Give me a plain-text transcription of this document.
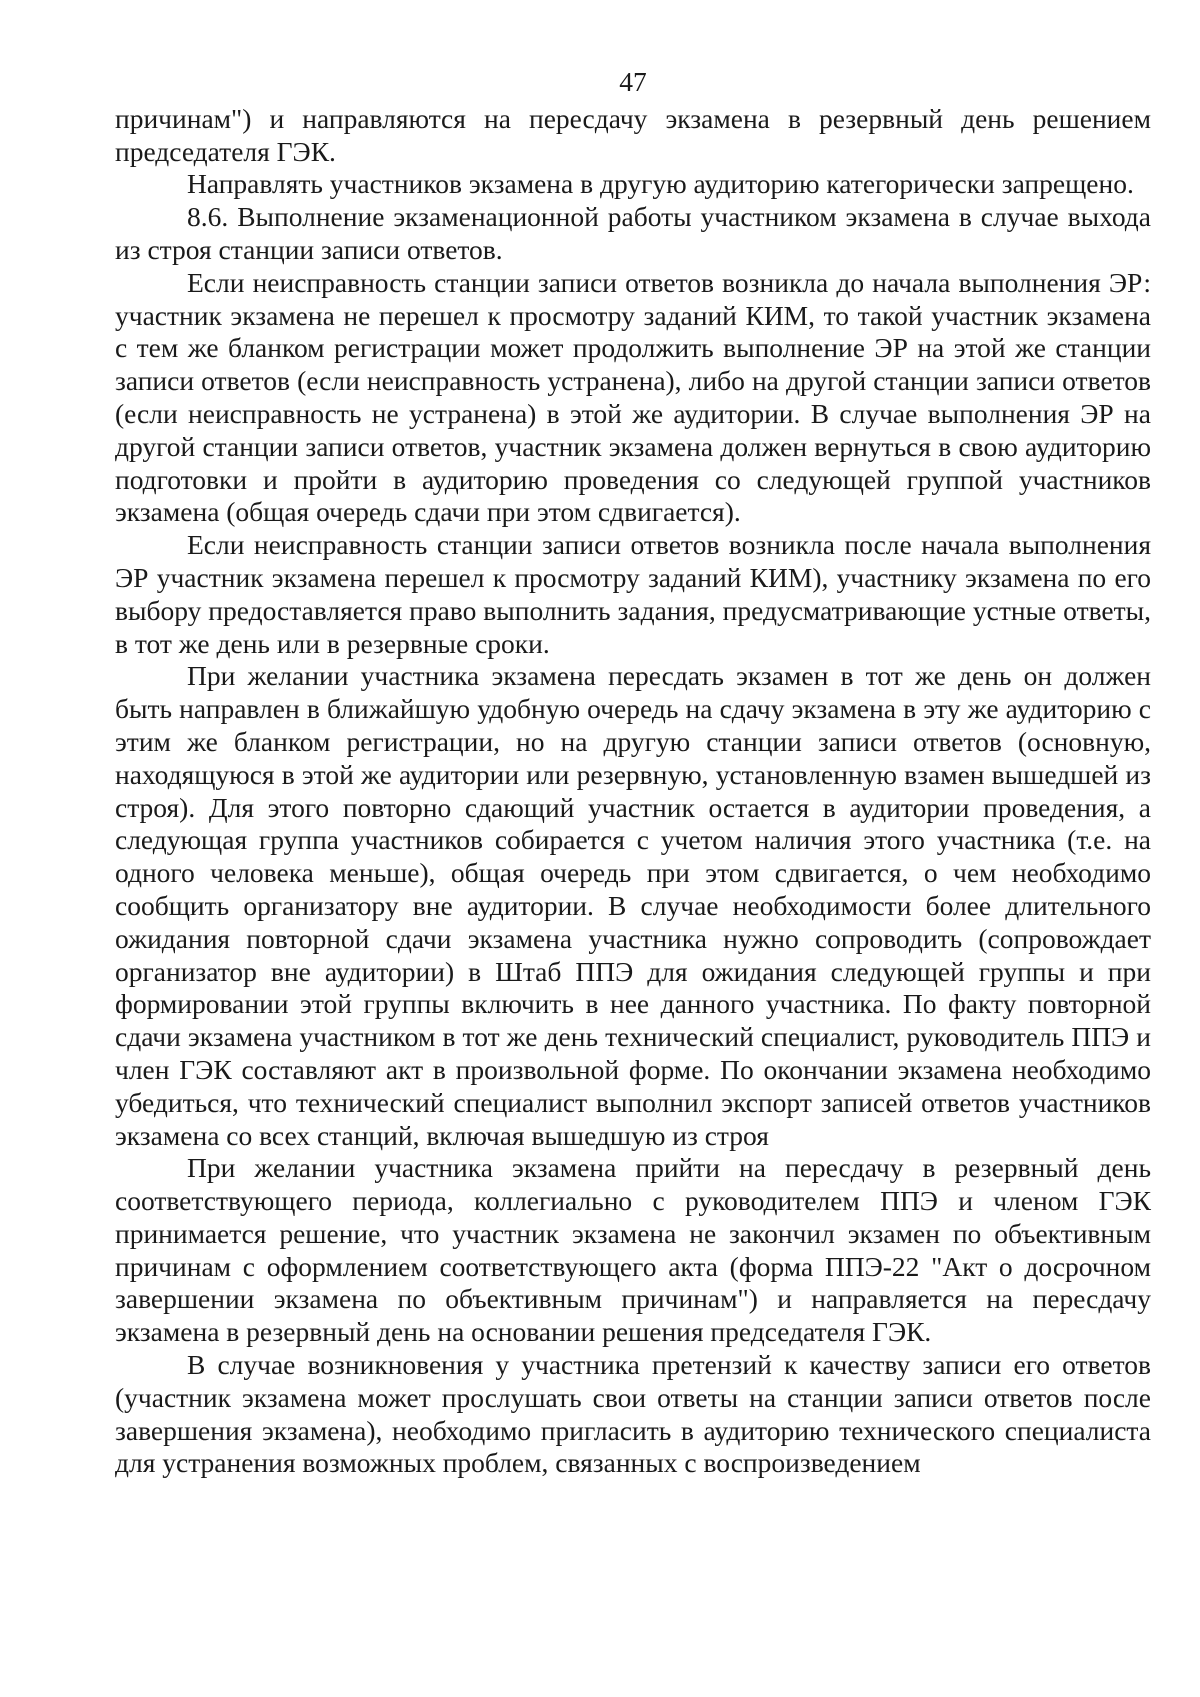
47

причинам") и направляются на пересдачу экзамена в резервный день решением председателя ГЭК.

Направлять участников экзамена в другую аудиторию категорически запрещено.

8.6. Выполнение экзаменационной работы участником экзамена в случае выхода из строя станции записи ответов.

Если неисправность станции записи ответов возникла до начала выполнения ЭР: участник экзамена не перешел к просмотру заданий КИМ, то такой участник экзамена с тем же бланком регистрации может продолжить выполнение ЭР на этой же станции записи ответов (если неисправность устранена), либо на другой станции записи ответов (если неисправность не устранена) в этой же аудитории. В случае выполнения ЭР на другой станции записи ответов, участник экзамена должен вернуться в свою аудиторию подготовки и пройти в аудиторию проведения со следующей группой участников экзамена (общая очередь сдачи при этом сдвигается).

Если неисправность станции записи ответов возникла после начала выполнения ЭР участник экзамена перешел к просмотру заданий КИМ), участнику экзамена по его выбору предоставляется право выполнить задания, предусматривающие устные ответы, в тот же день или в резервные сроки.

При желании участника экзамена пересдать экзамен в тот же день он должен быть направлен в ближайшую удобную очередь на сдачу экзамена в эту же аудиторию с этим же бланком регистрации, но на другую станции записи ответов (основную, находящуюся в этой же аудитории или резервную, установленную взамен вышедшей из строя). Для этого повторно сдающий участник остается в аудитории проведения, а следующая группа участников собирается с учетом наличия этого участника (т.е. на одного человека меньше), общая очередь при этом сдвигается, о чем необходимо сообщить организатору вне аудитории. В случае необходимости более длительного ожидания повторной сдачи экзамена участника нужно сопроводить (сопровождает организатор вне аудитории) в Штаб ППЭ для ожидания следующей группы и при формировании этой группы включить в нее данного участника. По факту повторной сдачи экзамена участником в тот же день технический специалист, руководитель ППЭ и член ГЭК составляют акт в произвольной форме. По окончании экзамена необходимо убедиться, что технический специалист выполнил экспорт записей ответов участников экзамена со всех станций, включая вышедшую из строя

При желании участника экзамена прийти на пересдачу в резервный день соответствующего периода, коллегиально с руководителем ППЭ и членом ГЭК принимается решение, что участник экзамена не закончил экзамен по объективным причинам с оформлением соответствующего акта (форма ППЭ-22 "Акт о досрочном завершении экзамена по объективным причинам") и направляется на пересдачу экзамена в резервный день на основании решения председателя ГЭК.

В случае возникновения у участника претензий к качеству записи его ответов (участник экзамена может прослушать свои ответы на станции записи ответов после завершения экзамена), необходимо пригласить в аудиторию технического специалиста для устранения возможных проблем, связанных с воспроизведением
